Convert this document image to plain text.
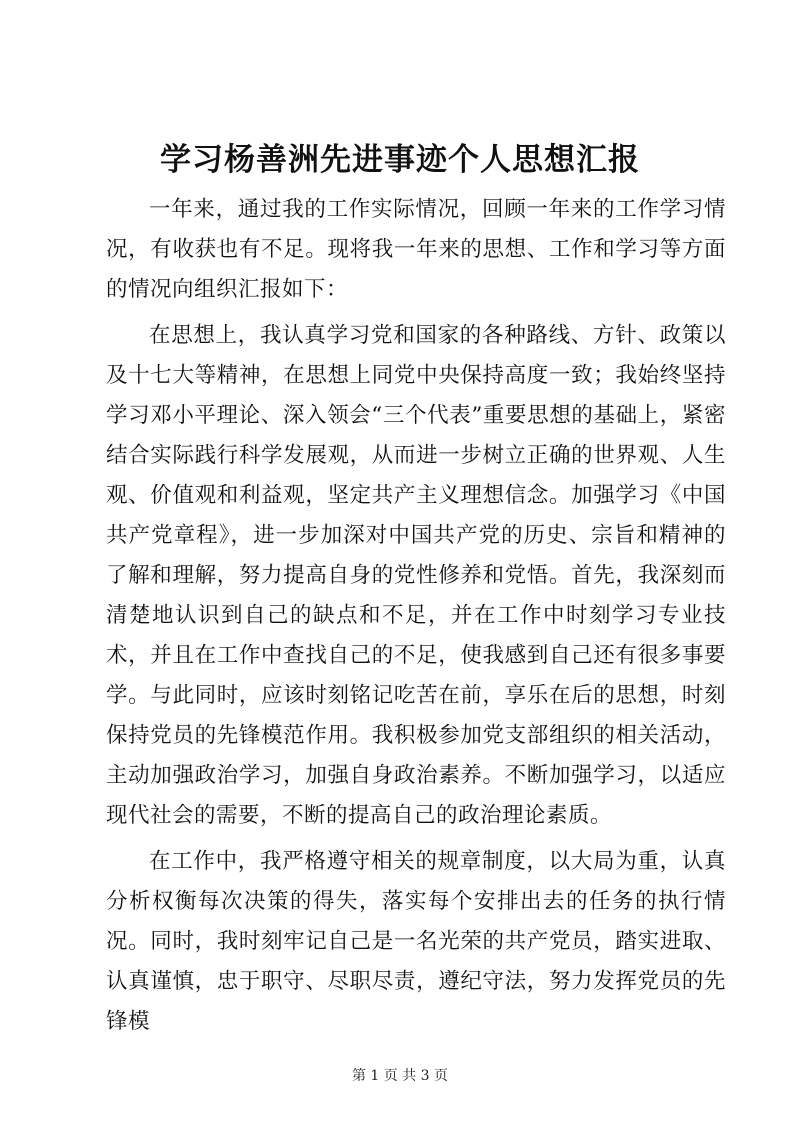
学习杨善洲先进事迹个人思想汇报

一年来，通过我的工作实际情况，回顾一年来的工作学习情况，有收获也有不足。现将我一年来的思想、工作和学习等方面的情况向组织汇报如下：

在思想上，我认真学习党和国家的各种路线、方针、政策以及十七大等精神，在思想上同党中央保持高度一致；我始终坚持学习邓小平理论、深入领会“三个代表”重要思想的基础上，紧密结合实际践行科学发展观，从而进一步树立正确的世界观、人生观、价值观和利益观，坚定共产主义理想信念。加强学习《中国共产党章程》，进一步加深对中国共产党的历史、宗旨和精神的了解和理解，努力提高自身的党性修养和党悟。首先，我深刻而清楚地认识到自己的缺点和不足，并在工作中时刻学习专业技术，并且在工作中查找自己的不足，使我感到自己还有很多事要学。与此同时，应该时刻铭记吃苦在前，享乐在后的思想，时刻保持党员的先锋模范作用。我积极参加党支部组织的相关活动，主动加强政治学习，加强自身政治素养。不断加强学习，以适应现代社会的需要，不断的提高自己的政治理论素质。

在工作中，我严格遵守相关的规章制度，以大局为重，认真分析权衡每次决策的得失，落实每个安排出去的任务的执行情况。同时，我时刻牢记自己是一名光荣的共产党员，踏实进取、认真谨慎，忠于职守、尽职尽责，遵纪守法，努力发挥党员的先锋模

第 1 页 共 3 页
